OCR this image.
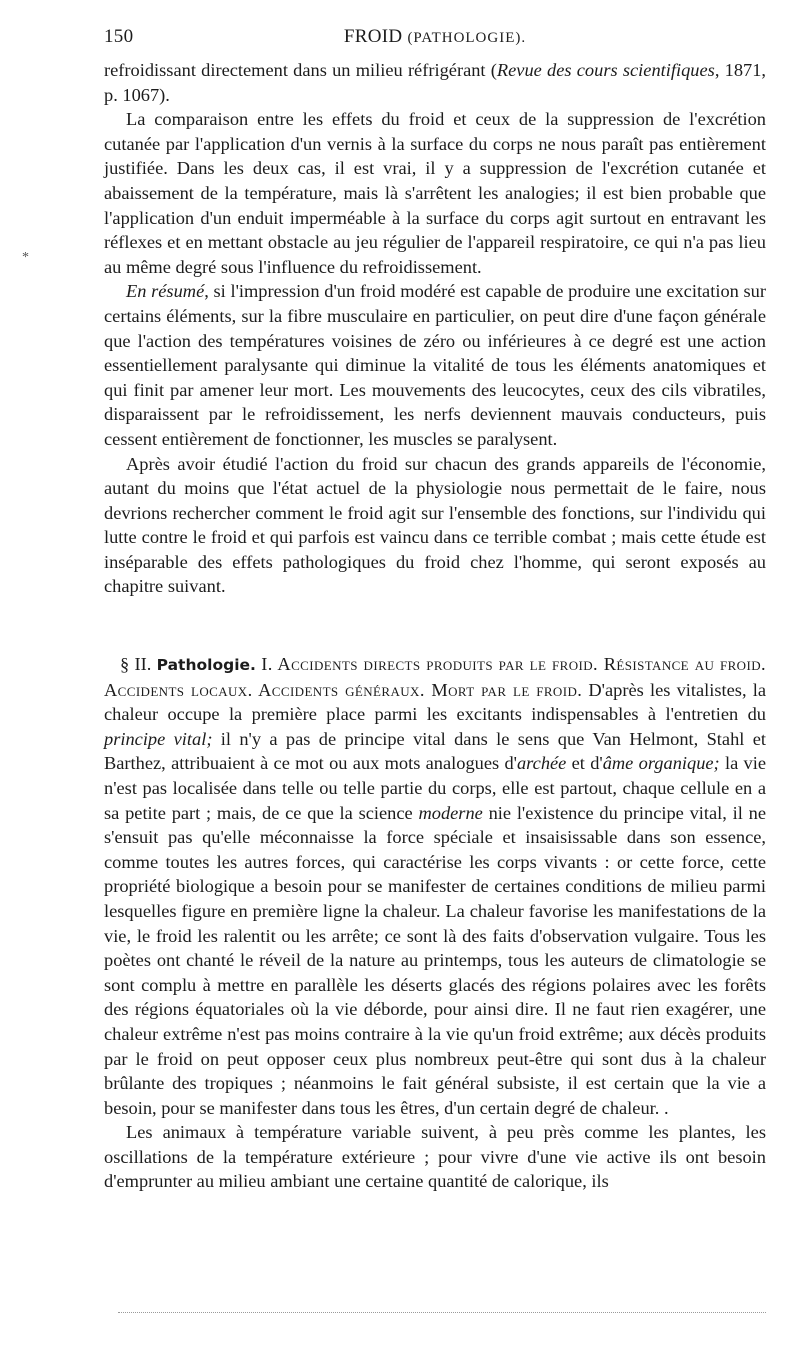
150	FROID (PATHOLOGIE).
*

refroidissant directement dans un milieu réfrigérant (Revue des cours scientifiques, 1871, p. 1067).

La comparaison entre les effets du froid et ceux de la suppression de l'excrétion cutanée par l'application d'un vernis à la surface du corps ne nous paraît pas entièrement justifiée. Dans les deux cas, il est vrai, il y a suppression de l'excrétion cutanée et abaissement de la température, mais là s'arrêtent les analogies; il est bien probable que l'application d'un enduit imperméable à la surface du corps agit surtout en entravant les réflexes et en mettant obstacle au jeu régulier de l'appareil respiratoire, ce qui n'a pas lieu au même degré sous l'influence du refroidissement.

En résumé, si l'impression d'un froid modéré est capable de produire une excitation sur certains éléments, sur la fibre musculaire en particulier, on peut dire d'une façon générale que l'action des températures voisines de zéro ou inférieures à ce degré est une action essentiellement paralysante qui diminue la vitalité de tous les éléments anatomiques et qui finit par amener leur mort. Les mouvements des leucocytes, ceux des cils vibratiles, disparaissent par le refroidissement, les nerfs deviennent mauvais conducteurs, puis cessent entièrement de fonctionner, les muscles se paralysent.

Après avoir étudié l'action du froid sur chacun des grands appareils de l'économie, autant du moins que l'état actuel de la physiologie nous permettait de le faire, nous devrions rechercher comment le froid agit sur l'ensemble des fonctions, sur l'individu qui lutte contre le froid et qui parfois est vaincu dans ce terrible combat ; mais cette étude est inséparable des effets pathologiques du froid chez l'homme, qui seront exposés au chapitre suivant.

§ II. Pathologie. I. Accidents directs produits par le froid. Résistance au froid. Accidents locaux. Accidents généraux. Mort par le froid. D'après les vitalistes, la chaleur occupe la première place parmi les excitants indispensables à l'entretien du principe vital; il n'y a pas de principe vital dans le sens que Van Helmont, Stahl et Barthez, attribuaient à ce mot ou aux mots analogues d'archée et d'âme organique; la vie n'est pas localisée dans telle ou telle partie du corps, elle est partout, chaque cellule en a sa petite part ; mais, de ce que la science moderne nie l'existence du principe vital, il ne s'ensuit pas qu'elle méconnaisse la force spéciale et insaisissable dans son essence, comme toutes les autres forces, qui caractérise les corps vivants : or cette force, cette propriété biologique a besoin pour se manifester de certaines conditions de milieu parmi lesquelles figure en première ligne la chaleur. La chaleur favorise les manifestations de la vie, le froid les ralentit ou les arrête; ce sont là des faits d'observation vulgaire. Tous les poètes ont chanté le réveil de la nature au printemps, tous les auteurs de climatologie se sont complu à mettre en parallèle les déserts glacés des régions polaires avec les forêts des régions équatoriales où la vie déborde, pour ainsi dire. Il ne faut rien exagérer, une chaleur extrême n'est pas moins contraire à la vie qu'un froid extrême; aux décès produits par le froid on peut opposer ceux plus nombreux peut-être qui sont dus à la chaleur brûlante des tropiques ; néanmoins le fait général subsiste, il est certain que la vie a besoin, pour se manifester dans tous les êtres, d'un certain degré de chaleur. .

Les animaux à température variable suivent, à peu près comme les plantes, les oscillations de la température extérieure ; pour vivre d'une vie active ils ont besoin d'emprunter au milieu ambiant une certaine quantité de calorique, ils
